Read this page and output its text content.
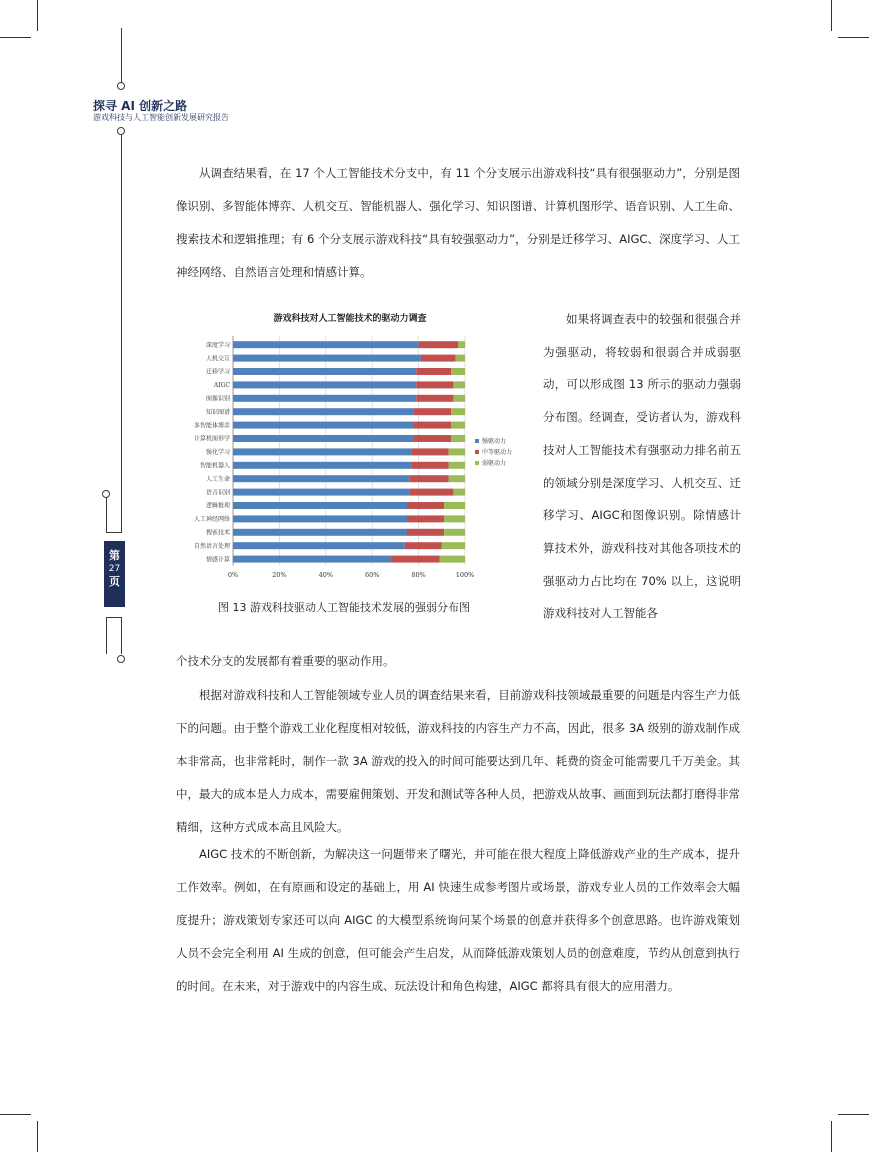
探寻 AI 创新之路
游戏科技与人工智能创新发展研究报告
第
27
页

从调查结果看，在 17 个人工智能技术分支中，有 11 个分支展示出游戏科技“具有很强驱动力”，分别是图像识别、多智能体博弈、人机交互、智能机器人、强化学习、知识图谱、计算机图形学、语音识别、人工生命、搜索技术和逻辑推理；有 6 个分支展示游戏科技“具有较强驱动力”，分别是迁移学习、AIGC、深度学习、人工神经网络、自然语言处理和情感计算。

游戏科技对人工智能技术的驱动力调查
深度学习
人机交互
迁移学习
AIGC
图像识别
知识图谱
多智能体博弈
计算机图形学
强化学习
智能机器人
人工生命
语音识别
逻辑推理
人工神经网络
搜索技术
自然语言处理
情感计算
0%	20%	40%	60%	80%	100%
强驱动力
中等驱动力
弱驱动力

如果将调查表中的较强和很强合并为强驱动，将较弱和很弱合并成弱驱动，可以形成图 13 所示的驱动力强弱分布图。经调查，受访者认为，游戏科技对人工智能技术有强驱动力排名前五的领域分别是深度学习、人机交互、迁移学习、AIGC和图像识别。除情感计算技术外，游戏科技对其他各项技术的强驱动力占比均在 70% 以上，这说明游戏科技对人工智能各

图 13 游戏科技驱动人工智能技术发展的强弱分布图

个技术分支的发展都有着重要的驱动作用。

根据对游戏科技和人工智能领域专业人员的调查结果来看，目前游戏科技领域最重要的问题是内容生产力低下的问题。由于整个游戏工业化程度相对较低，游戏科技的内容生产力不高，因此，很多 3A 级别的游戏制作成本非常高，也非常耗时，制作一款 3A 游戏的投入的时间可能要达到几年、耗费的资金可能需要几千万美金。其中，最大的成本是人力成本，需要雇佣策划、开发和测试等各种人员，把游戏从故事、画面到玩法都打磨得非常精细，这种方式成本高且风险大。

AIGC 技术的不断创新，为解决这一问题带来了曙光，并可能在很大程度上降低游戏产业的生产成本，提升工作效率。例如，在有原画和设定的基础上，用 AI 快速生成参考图片或场景，游戏专业人员的工作效率会大幅度提升；游戏策划专家还可以向 AIGC 的大模型系统询问某个场景的创意并获得多个创意思路。也许游戏策划人员不会完全利用 AI 生成的创意，但可能会产生启发，从而降低游戏策划人员的创意难度，节约从创意到执行的时间。在未来，对于游戏中的内容生成、玩法设计和角色构建，AIGC 都将具有很大的应用潜力。
